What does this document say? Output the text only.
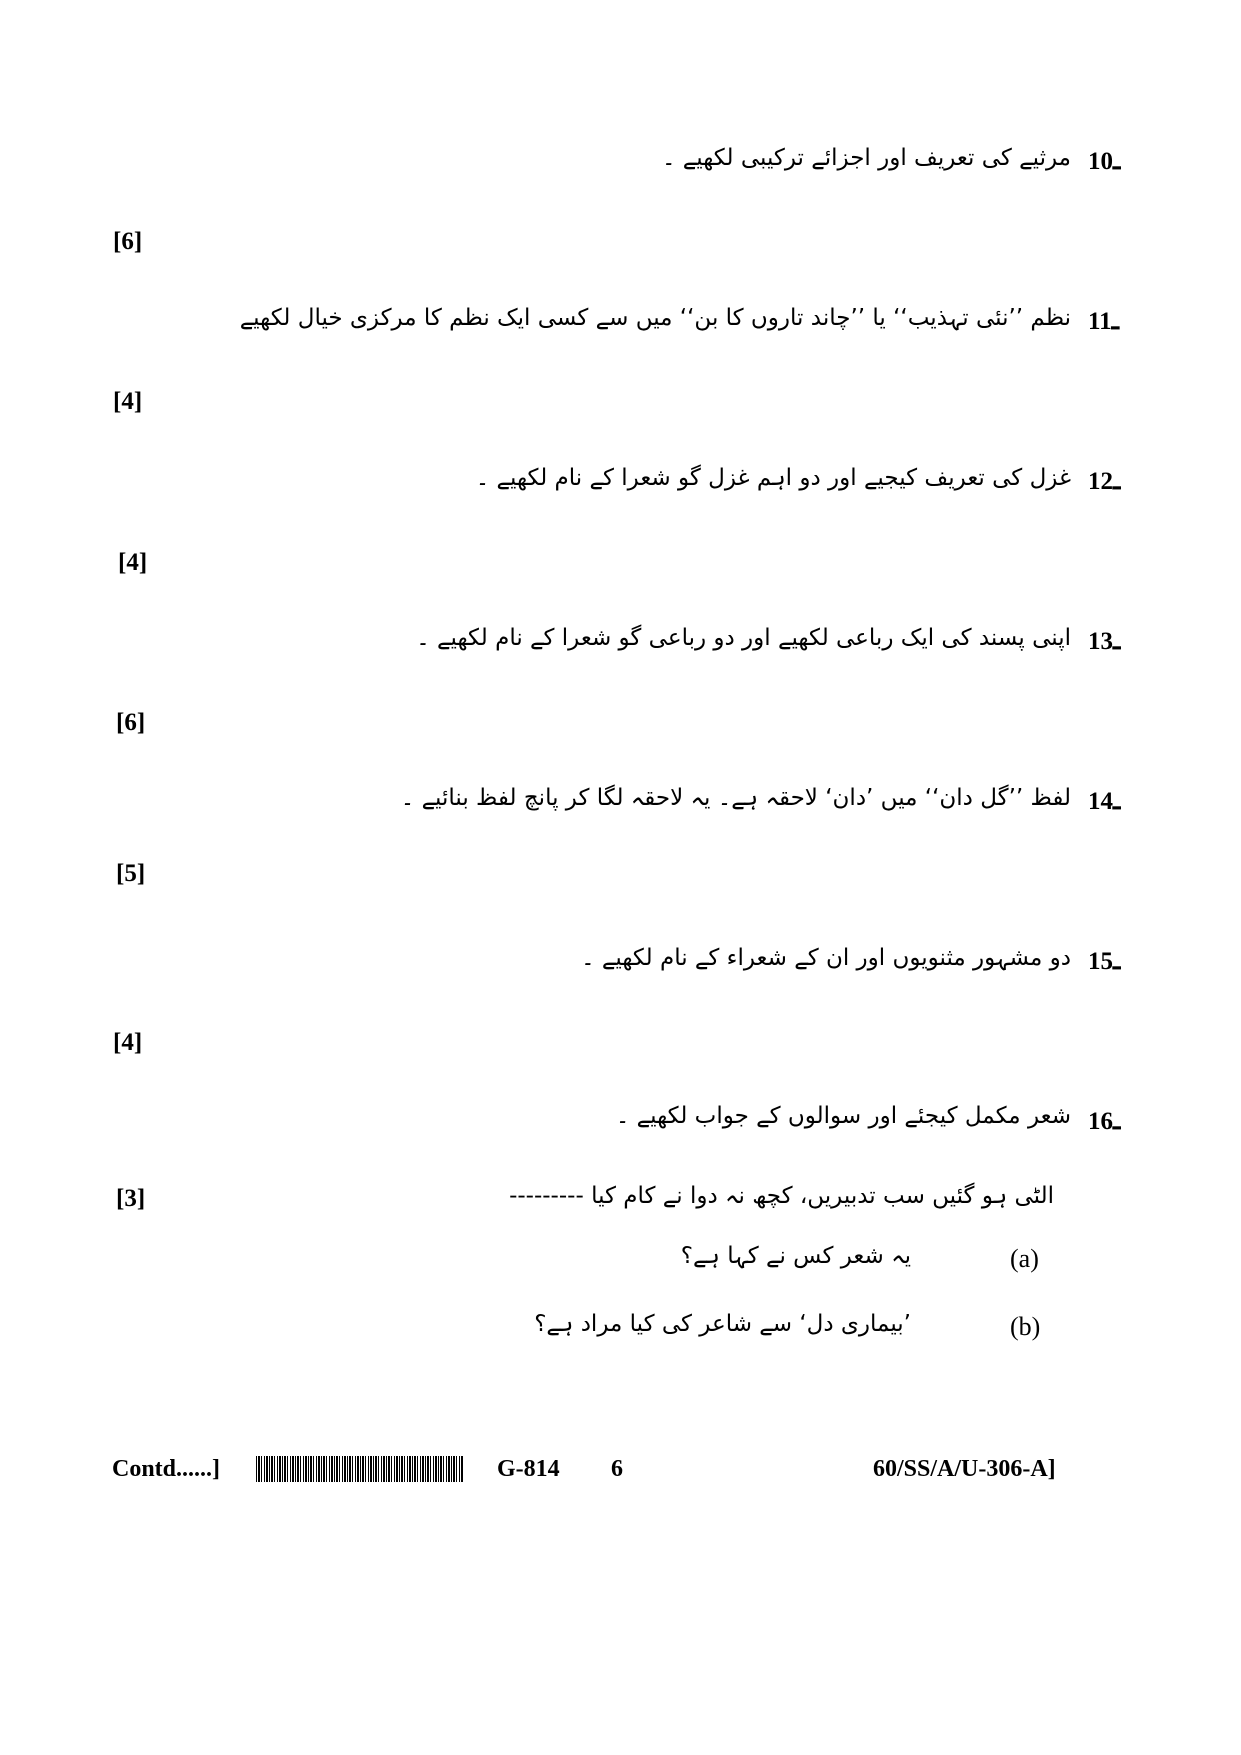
10ـ
مرثیے کی تعریف اور اجزائے ترکیبی لکھیے ۔
[6]
11ـ
نظم ’’نئی تہذیب‘‘ یا ’’چاند تاروں کا بن‘‘ میں سے کسی ایک نظم کا مرکزی خیال لکھیے
[4]
12ـ
غزل کی تعریف کیجیے اور دو اہم غزل گو شعرا کے نام لکھیے ۔
[4]
13ـ
اپنی پسند کی ایک رباعی لکھیے اور دو رباعی گو شعرا کے نام لکھیے ۔
[6]
14ـ
لفظ ’’گل دان‘‘ میں ’دان‘ لاحقہ ہے۔ یہ لاحقہ لگا کر پانچ لفظ بنائیے ۔
[5]
15ـ
دو مشہور مثنویوں اور ان کے شعراء کے نام لکھیے ۔
[4]
16ـ
شعر مکمل کیجئے اور سوالوں کے جواب لکھیے ۔
[3]	الٹی ہو گئیں سب تدبیریں، کچھ نہ دوا نے کام کیا ---------
(a)
یہ شعر کس نے کہا ہے؟
(b)
’بیماری دل‘ سے شاعر کی کیا مراد ہے؟
Contd......]	G-814 6	60/SS/A/U-306-A]
